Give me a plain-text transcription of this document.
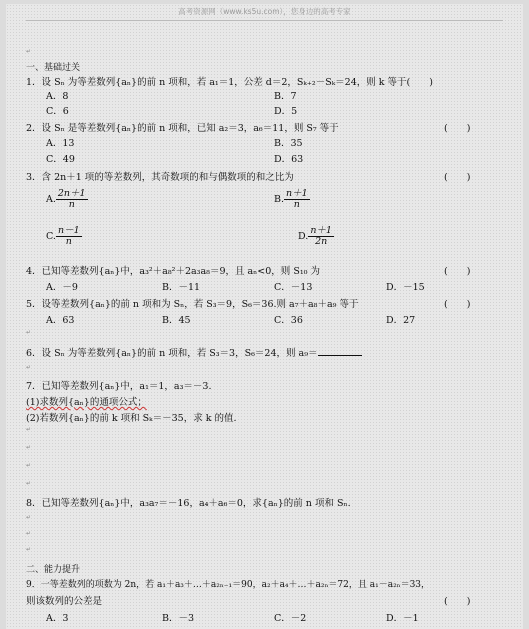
高考资源网（www.ks5u.com），您身边的高考专家
↵
一、基础过关
1．设 Sₙ 为等差数列{aₙ}的前 n 项和，若 a₁＝1，公差 d＝2，Sₖ₊₂－Sₖ＝24，则 k 等于(　　)
A．8	B．7
C．6	D．5
2．设 Sₙ 是等差数列{aₙ}的前 n 项和，已知 a₂＝3，a₆＝11，则 S₇ 等于	(　　)
A．13	B．35
C．49	D．63
3．含 2n＋1 项的等差数列，其奇数项的和与偶数项的和之比为	(　　)
A. $\frac{2n+1}{n}$	B. $\frac{n+1}{n}$
C. $\frac{n-1}{n}$	D. $\frac{n+1}{2n}$
4．已知等差数列{aₙ}中，a₃²＋a₈²＋2a₃a₈＝9，且 aₙ<0，则 S₁₀ 为	(　　)
A．－9	B．－11	C．－13	D．－15
5．设等差数列{aₙ}的前 n 项和为 Sₙ，若 S₃＝9，S₆＝36.则 a₇＋a₈＋a₉ 等于	(　　)
A．63	B．45	C．36	D．27
↵
6．设 Sₙ 为等差数列{aₙ}的前 n 项和，若 S₃＝3，S₆＝24，则 a₉＝
↵
7．已知等差数列{aₙ}中，a₁＝1，a₃＝－3.
(1)求数列{aₙ}的通项公式；
(2)若数列{aₙ}的前 k 项和 Sₖ＝－35，求 k 的值.
↵
↵
↵
↵
8．已知等差数列{aₙ}中，a₃a₇＝－16，a₄＋a₆＝0，求{aₙ}的前 n 项和 Sₙ.
↵
↵
↵
二、能力提升
9．一等差数列的项数为 2n，若 a₁＋a₃＋…＋a₂ₙ₋₁＝90，a₂＋a₄＋…＋a₂ₙ＝72，且 a₁－a₂ₙ＝33，
则该数列的公差是	(　　)
A．3	B．－3	C．－2	D．－1
